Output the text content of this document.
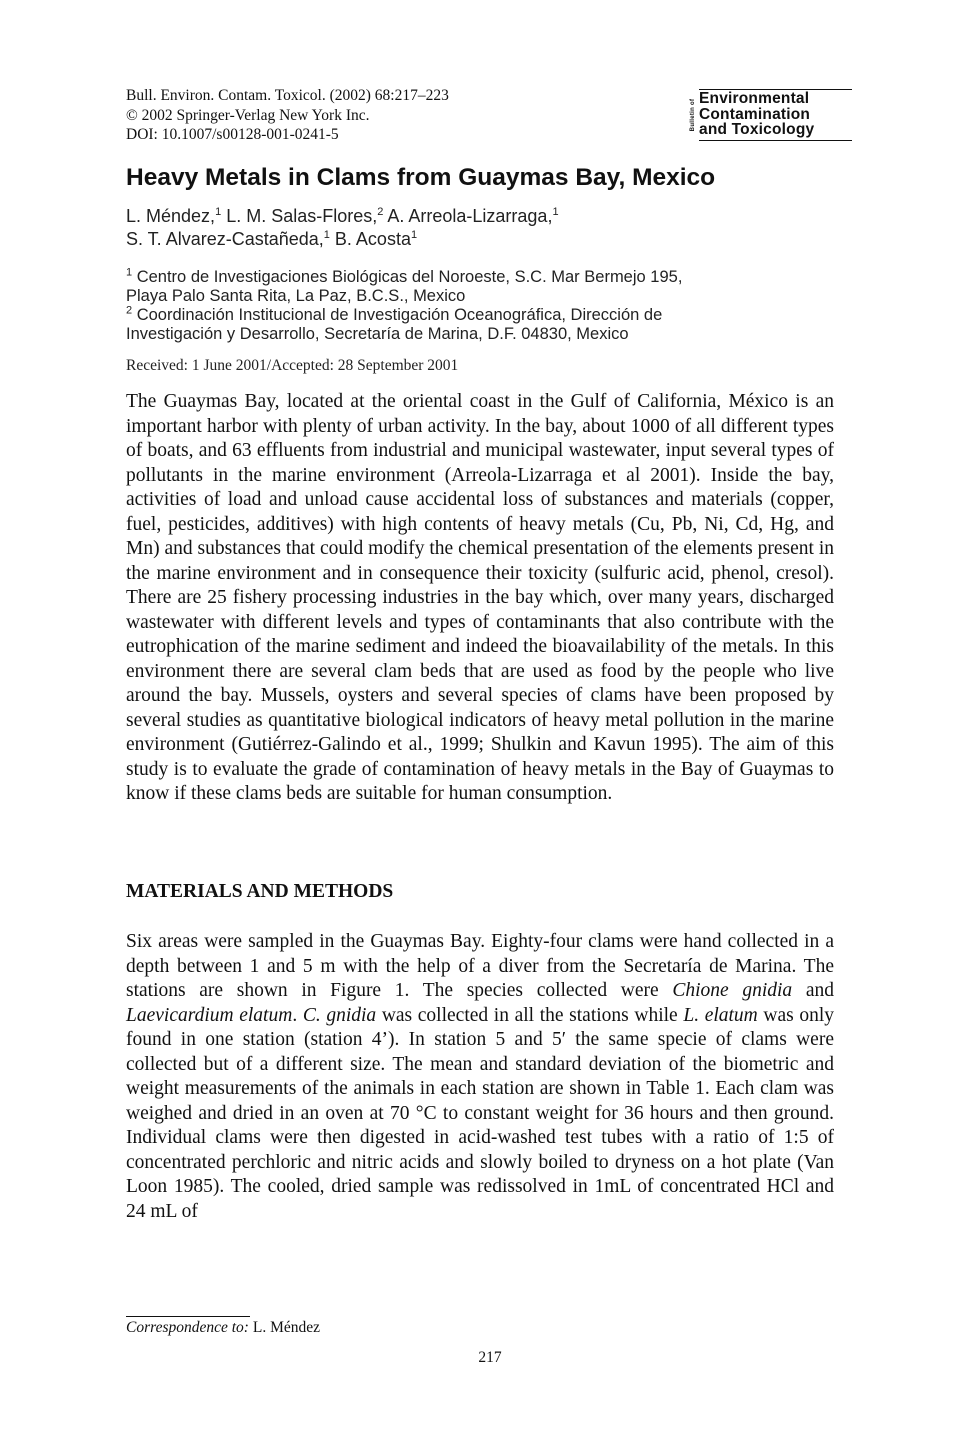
Bull. Environ. Contam. Toxicol. (2002) 68:217–223
© 2002 Springer-Verlag New York Inc.
DOI: 10.1007/s00128-001-0241-5
Bulletin of
Environmental
Contamination
and Toxicology
Heavy Metals in Clams from Guaymas Bay, Mexico
L. Méndez,$^1$ L. M. Salas-Flores,$^2$ A. Arreola-Lizarraga,$^1$
S. T. Alvarez-Castañeda,$^1$ B. Acosta$^1$
$^1$ Centro de Investigaciones Biológicas del Noroeste, S.C. Mar Bermejo 195,
Playa Palo Santa Rita, La Paz, B.C.S., Mexico
$^2$ Coordinación Institucional de Investigación Oceanográfica, Dirección de
Investigación y Desarrollo, Secretaría de Marina, D.F. 04830, Mexico
Received: 1 June 2001/Accepted: 28 September 2001

The Guaymas Bay, located at the oriental coast in the Gulf of California, México is an important harbor with plenty of urban activity. In the bay, about 1000 of all different types of boats, and 63 effluents from industrial and municipal wastewater, input several types of pollutants in the marine environment (Arreola-Lizarraga et al 2001). Inside the bay, activities of load and unload cause accidental loss of substances and materials (copper, fuel, pesticides, additives) with high contents of heavy metals (Cu, Pb, Ni, Cd, Hg, and Mn) and substances that could modify the chemical presentation of the elements present in the marine environment and in consequence their toxicity (sulfuric acid, phenol, cresol). There are 25 fishery processing industries in the bay which, over many years, discharged wastewater with different levels and types of contaminants that also contribute with the eutrophication of the marine sediment and indeed the bioavailability of the metals. In this environment there are several clam beds that are used as food by the people who live around the bay. Mussels, oysters and several species of clams have been proposed by several studies as quantitative biological indicators of heavy metal pollution in the marine environment (Gutiérrez-Galindo et al., 1999; Shulkin and Kavun 1995). The aim of this study is to evaluate the grade of contamination of heavy metals in the Bay of Guaymas to know if these clams beds are suitable for human consumption.

MATERIALS AND METHODS

Six areas were sampled in the Guaymas Bay. Eighty-four clams were hand collected in a depth between 1 and 5 m with the help of a diver from the Secretaría de Marina. The stations are shown in Figure 1. The species collected were Chione gnidia and Laevicardium elatum. C. gnidia was collected in all the stations while L. elatum was only found in one station (station 4’). In station 5 and 5′ the same specie of clams were collected but of a different size. The mean and standard deviation of the biometric and weight measurements of the animals in each station are shown in Table 1. Each clam was weighed and dried in an oven at 70 °C to constant weight for 36 hours and then ground. Individual clams were then digested in acid-washed test tubes with a ratio of 1:5 of concentrated perchloric and nitric acids and slowly boiled to dryness on a hot plate (Van Loon 1985). The cooled, dried sample was redissolved in 1mL of concentrated HCl and 24 mL of

Correspondence to: L. Méndez
217
